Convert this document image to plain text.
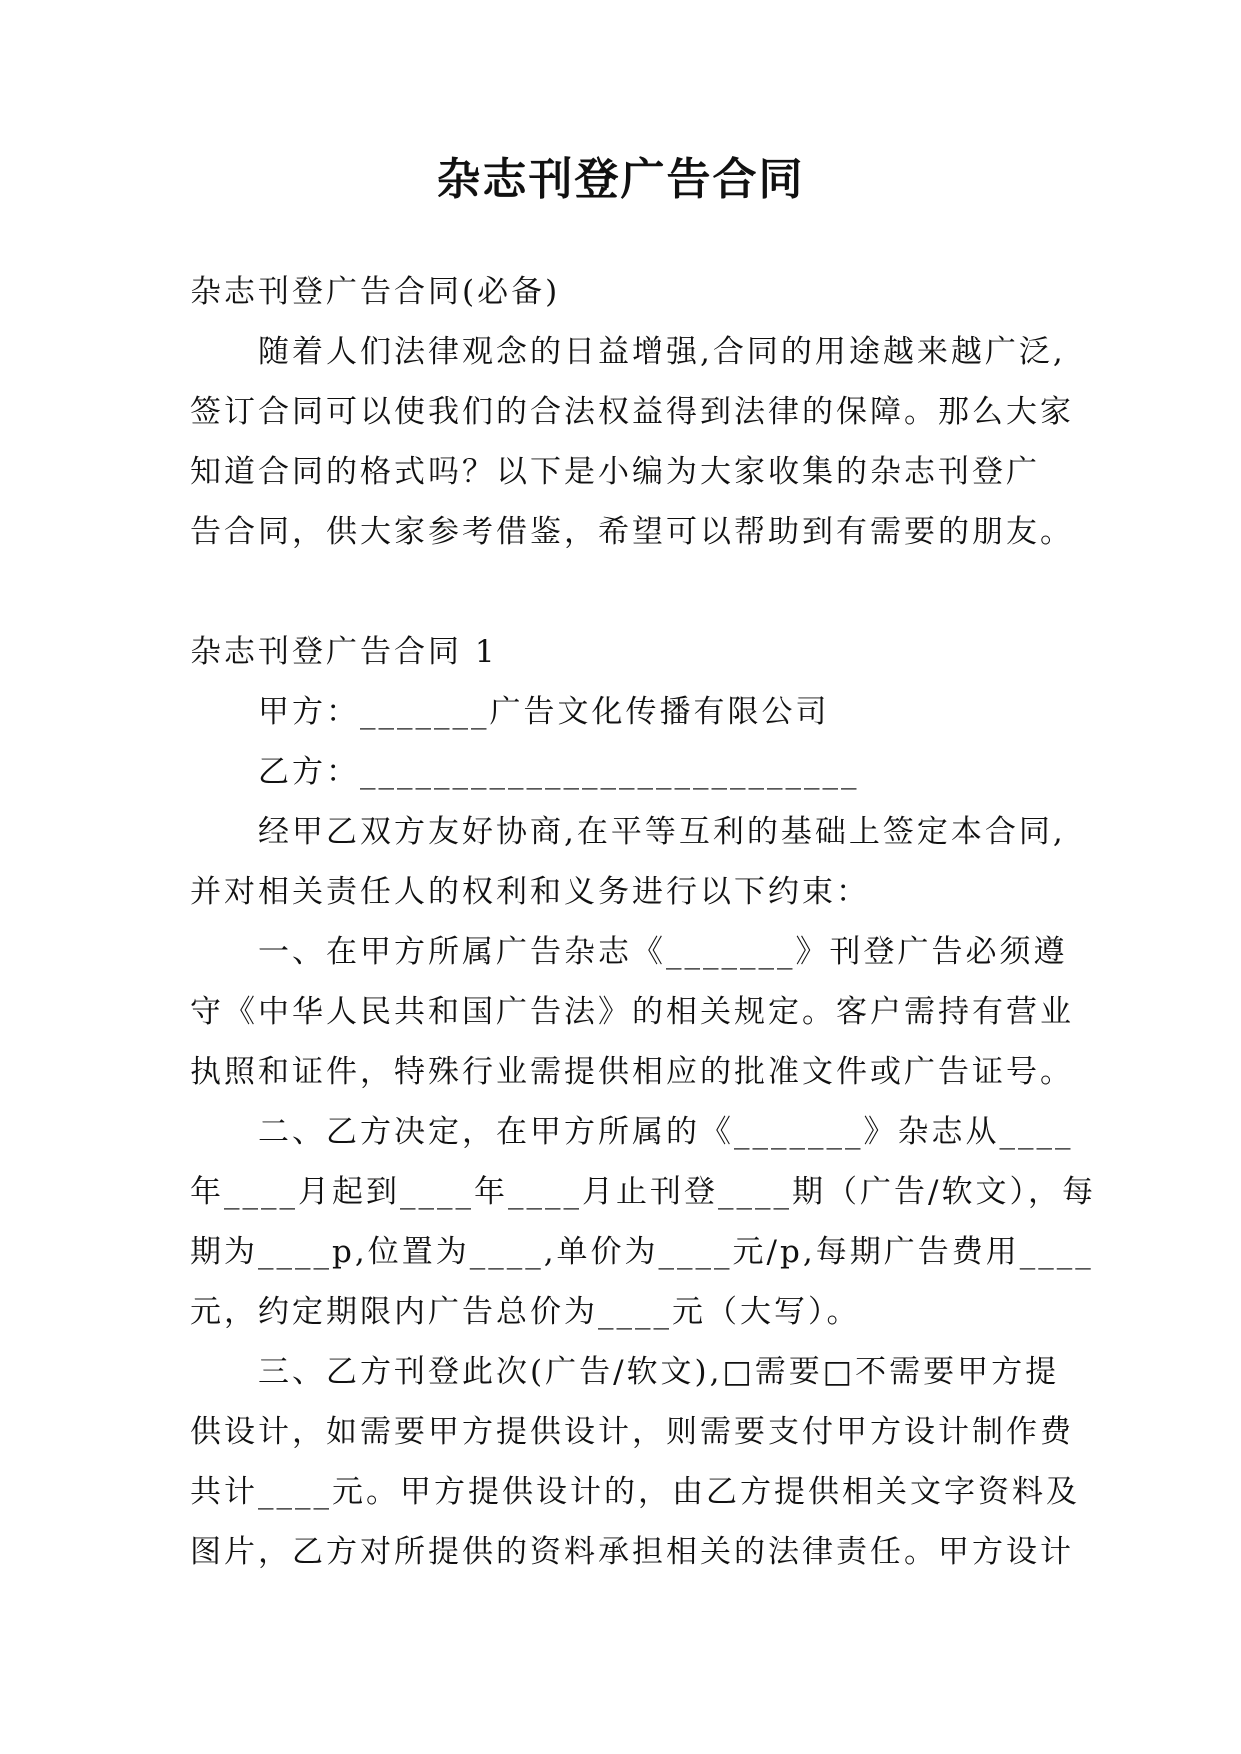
杂志刊登广告合同

杂志刊登广告合同(必备)

　　随着人们法律观念的日益增强,合同的用途越来越广泛,

签订合同可以使我们的合法权益得到法律的保障。那么大家

知道合同的格式吗？以下是小编为大家收集的杂志刊登广

告合同，供大家参考借鉴，希望可以帮助到有需要的朋友。

杂志刊登广告合同 1

　　甲方：_______广告文化传播有限公司

　　乙方：___________________________

　　经甲乙双方友好协商,在平等互利的基础上签定本合同,

并对相关责任人的权利和义务进行以下约束：

　　一、在甲方所属广告杂志《_______》刊登广告必须遵

守《中华人民共和国广告法》的相关规定。客户需持有营业

执照和证件，特殊行业需提供相应的批准文件或广告证号。

　　二、乙方决定，在甲方所属的《_______》杂志从____

年____月起到____年____月止刊登____期（广告/软文），每

期为____p,位置为____,单价为____元/p,每期广告费用____

元，约定期限内广告总价为____元（大写）。

　　三、乙方刊登此次(广告/软文),□需要□不需要甲方提

供设计，如需要甲方提供设计，则需要支付甲方设计制作费

共计____元。甲方提供设计的，由乙方提供相关文字资料及

图片，乙方对所提供的资料承担相关的法律责任。甲方设计
